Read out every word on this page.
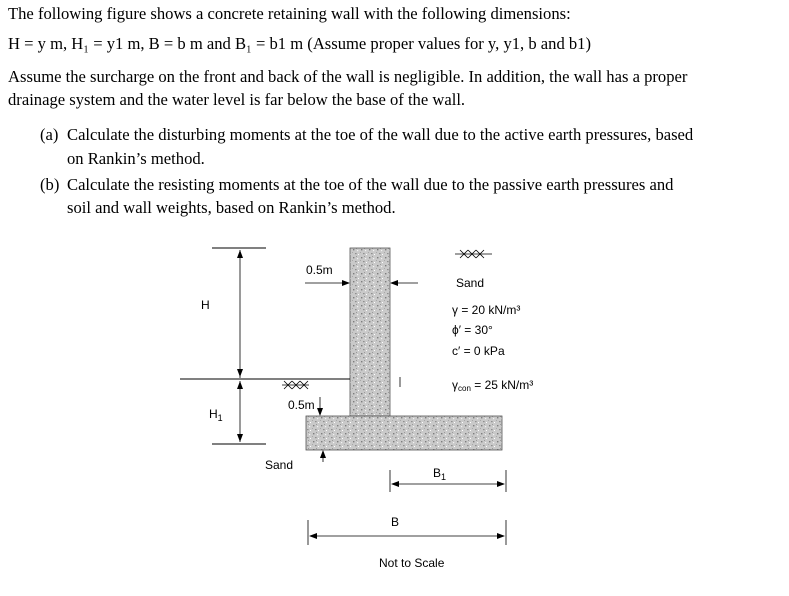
The following figure shows a concrete retaining wall with the following dimensions:
H = y m, H₁ = y1 m, B = b m and B₁ = b1 m (Assume proper values for y, y1, b and b1)
Assume the surcharge on the front and back of the wall is negligible. In addition, the wall has a proper
drainage system and the water level is far below the base of the wall.
(a) Calculate the disturbing moments at the toe of the wall due to the active earth pressures, based
on Rankin’s method.
(b) Calculate the resisting moments at the toe of the wall due to the passive earth pressures and
soil and wall weights, based on Rankin’s method.
H
$H_1$
0.5m
Sand
γ = 20 kN/m³
ϕ′ = 30°
c′ = 0 kPa
γcon = 25 kN/m³
0.5m
Sand
$B_1$
B
Not to Scale
